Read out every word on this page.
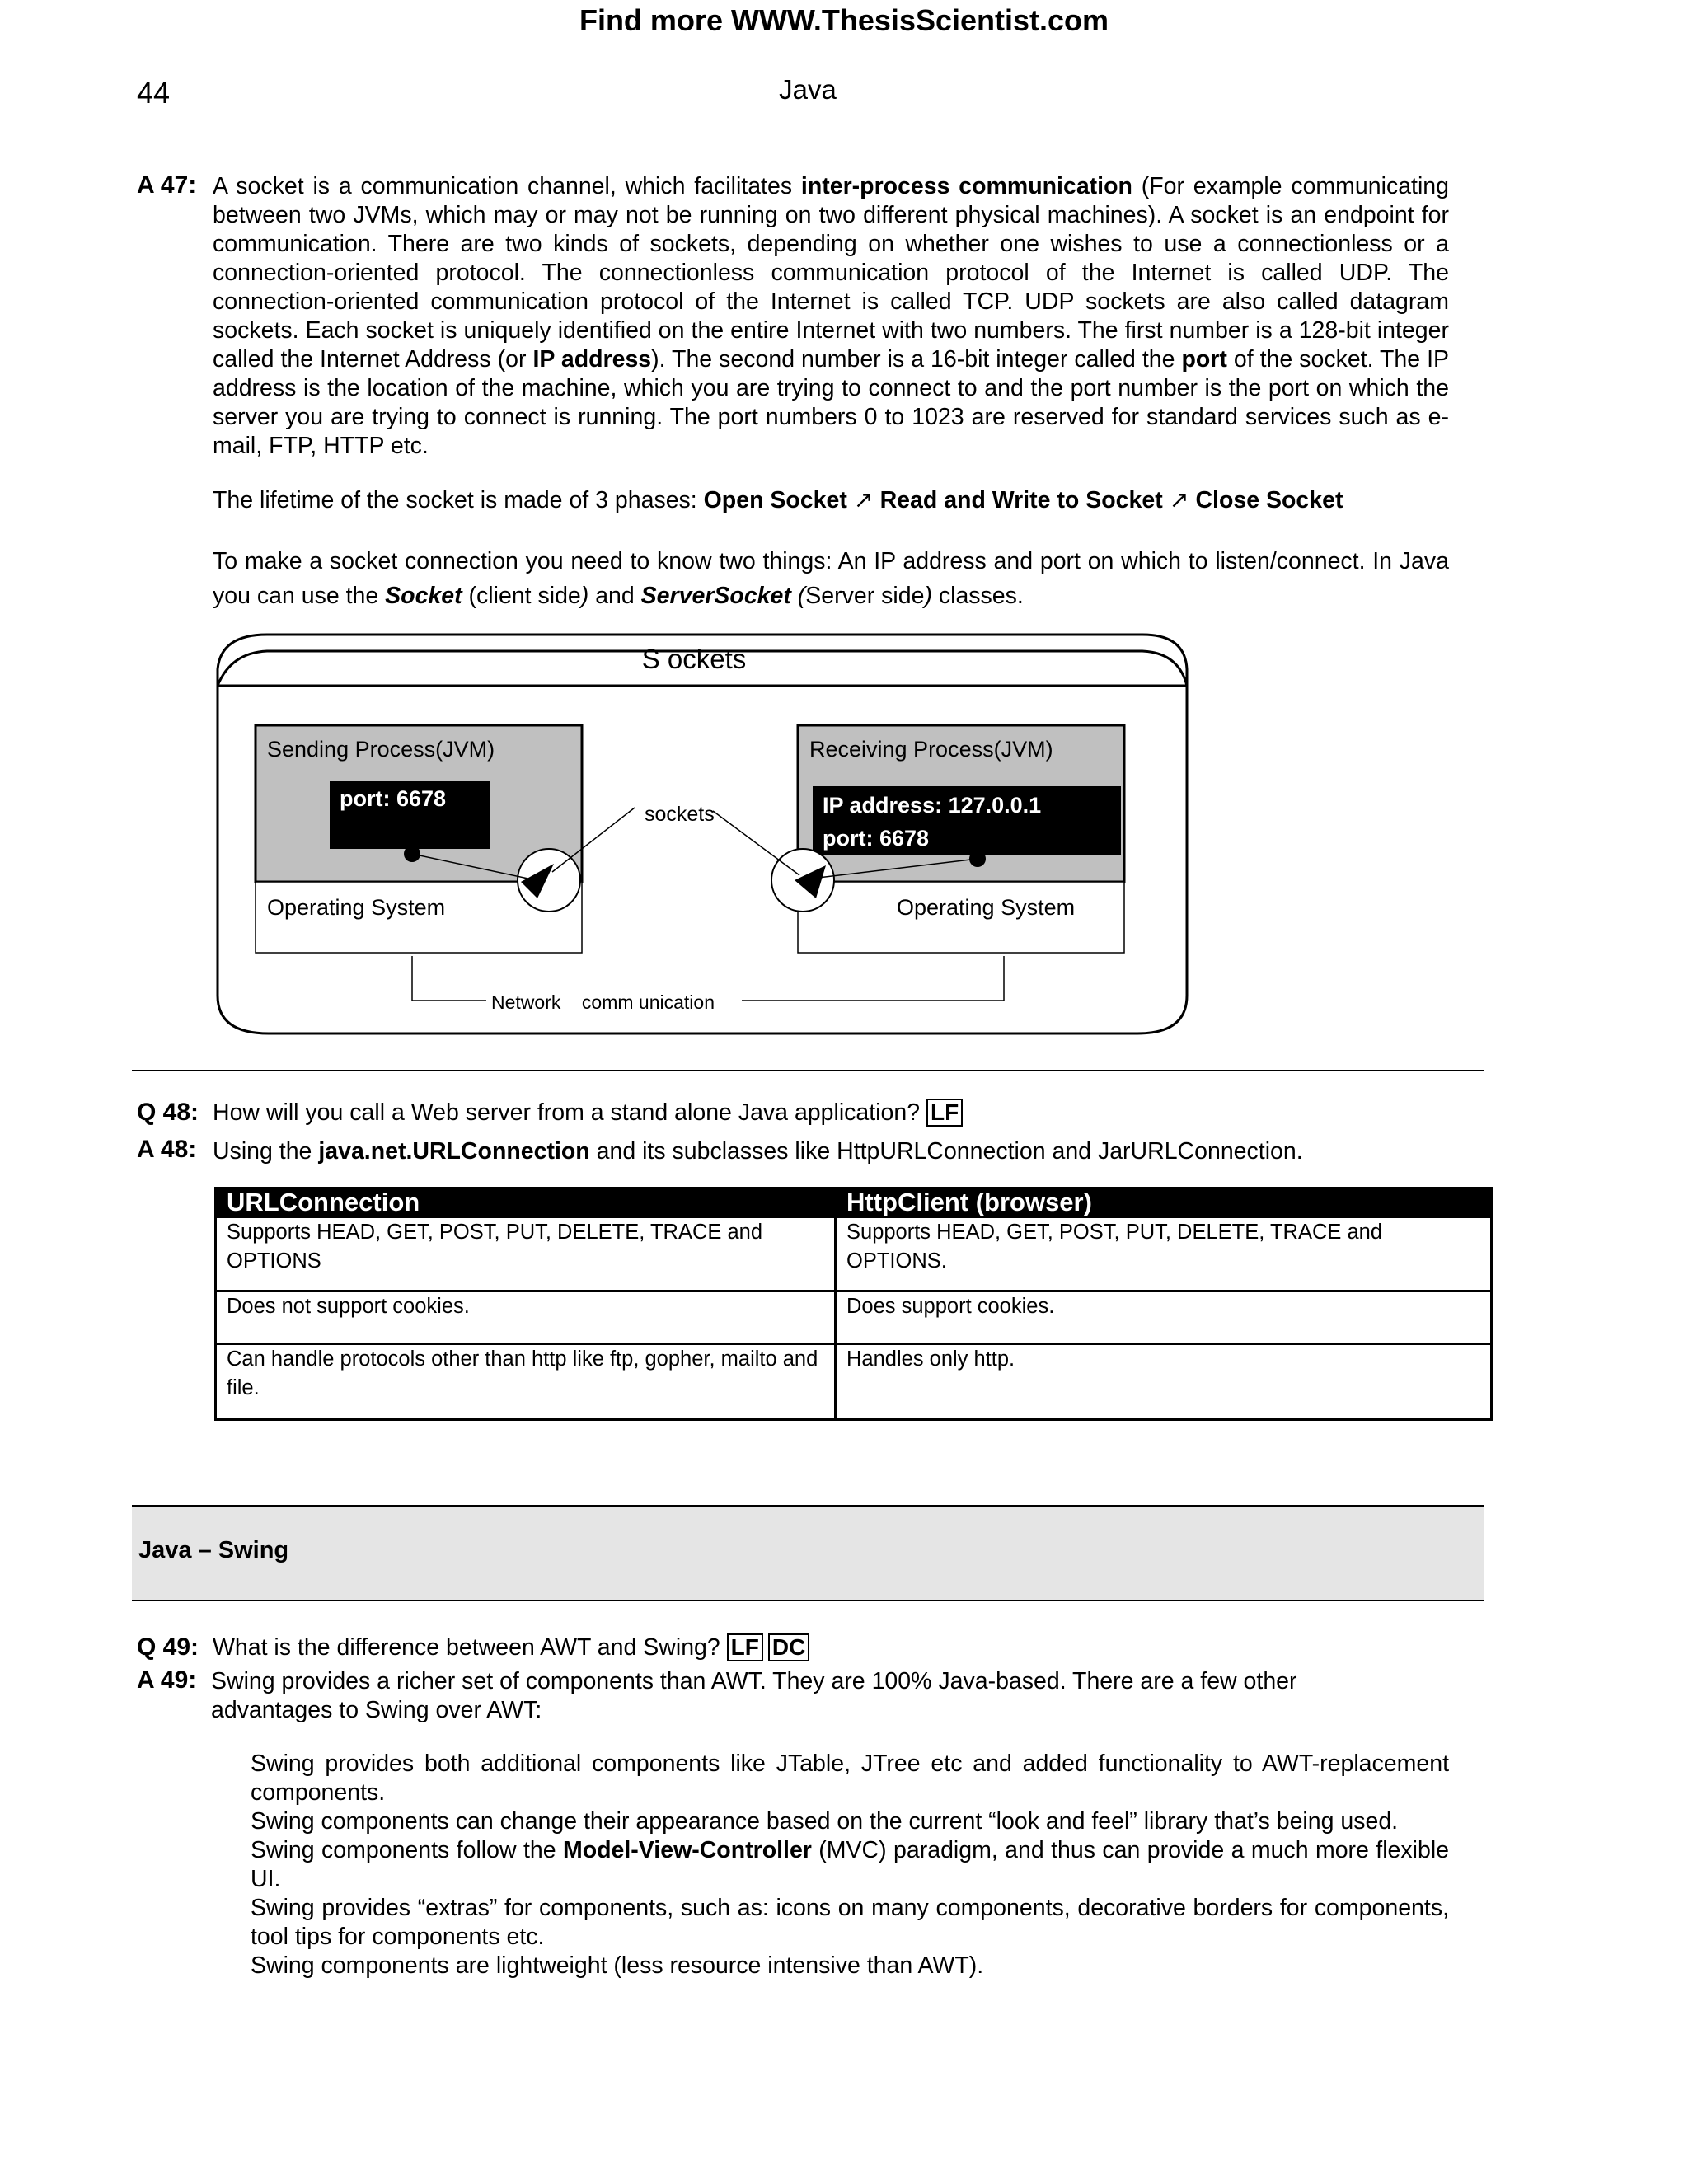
Find more WWW.ThesisScientist.com
44	Java
A 47: A socket is a communication channel, which facilitates inter-process communication (For example communicating between two JVMs, which may or may not be running on two different physical machines). A socket is an endpoint for communication. There are two kinds of sockets, depending on whether one wishes to use a connectionless or a connection-oriented protocol. The connectionless communication protocol of the Internet is called UDP. The connection-oriented communication protocol of the Internet is called TCP. UDP sockets are also called datagram sockets. Each socket is uniquely identified on the entire Internet with two numbers. The first number is a 128-bit integer called the Internet Address (or IP address). The second number is a 16-bit integer called the port of the socket. The IP address is the location of the machine, which you are trying to connect to and the port number is the port on which the server you are trying to connect is running. The port numbers 0 to 1023 are reserved for standard services such as e-mail, FTP, HTTP etc.

The lifetime of the socket is made of 3 phases: Open Socket ↗ Read and Write to Socket ↗ Close Socket

To make a socket connection you need to know two things: An IP address and port on which to listen/connect. In Java you can use the Socket (client side) and ServerSocket (Server side) classes.

S ockets
Sending Process(JVM)
port: 6678
Operating System
Receiving Process(JVM)
IP address: 127.0.0.1
port: 6678
Operating System
sockets
Network    comm unication
Q 48: How will you call a Web server from a stand alone Java application? LF
A 48: Using the java.net.URLConnection and its subclasses like HttpURLConnection and JarURLConnection.
URLConnection	HttpClient (browser)
Supports HEAD, GET, POST, PUT, DELETE, TRACE and OPTIONS	Supports HEAD, GET, POST, PUT, DELETE, TRACE and OPTIONS.
Does not support cookies.	Does support cookies.
Can handle protocols other than http like ftp, gopher, mailto and file.	Handles only http.
Java – Swing
Q 49: What is the difference between AWT and Swing? LF DC
A 49: Swing provides a richer set of components than AWT. They are 100% Java-based. There are a few other advantages to Swing over AWT:
Swing provides both additional components like JTable, JTree etc and added functionality to AWT-replacement components.
Swing components can change their appearance based on the current “look and feel” library that’s being used.
Swing components follow the Model-View-Controller (MVC) paradigm, and thus can provide a much more flexible UI.
Swing provides “extras” for components, such as: icons on many components, decorative borders for components, tool tips for components etc.
Swing components are lightweight (less resource intensive than AWT).
